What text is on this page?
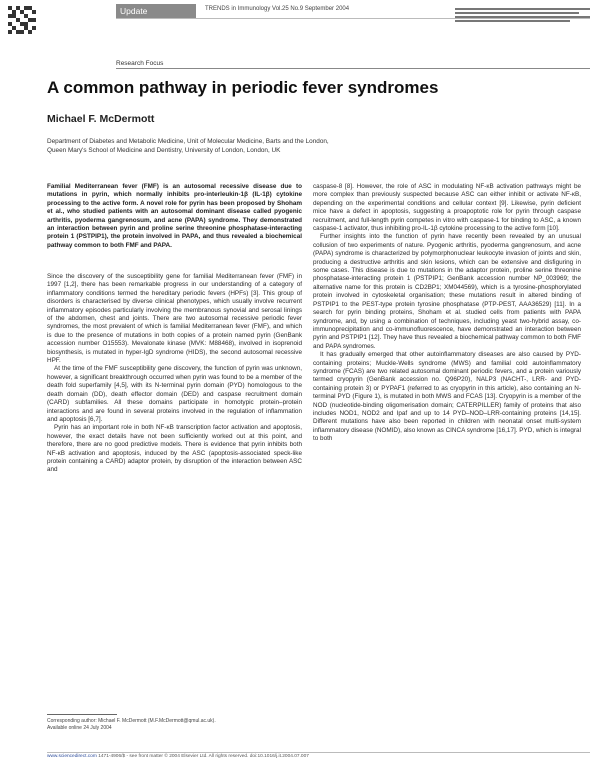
Update	TRENDS in Immunology Vol.25 No.9 September 2004
Research Focus
A common pathway in periodic fever syndromes
Michael F. McDermott
Department of Diabetes and Metabolic Medicine, Unit of Molecular Medicine, Barts and the London,
Queen Mary's School of Medicine and Dentistry, University of London, London, UK
Familial Mediterranean fever (FMF) is an autosomal recessive disease due to mutations in pyrin, which normally inhibits pro-interleukin-1β (IL-1β) cytokine processing to the active form. A novel role for pyrin has been proposed by Shoham et al., who studied patients with an autosomal dominant disease called pyogenic arthritis, pyoderma gangrenosum, and acne (PAPA) syndrome. They demonstrated an interaction between pyrin and proline serine threonine phosphatase-interacting protein 1 (PSTPIP1), the protein involved in PAPA, and thus revealed a biochemical pathway common to both FMF and PAPA.

Since the discovery of the susceptibility gene for familial Mediterranean fever (FMF) in 1997 [1,2], there has been remarkable progress in our understanding of a category of inflammatory conditions termed the hereditary periodic fevers (HPFs) [3]. This group of disorders is characterised by diverse clinical phenotypes, which usually involve recurrent inflammatory episodes particularly involving the membranous synovial and serosal linings of the abdomen, chest and joints. There are two autosomal recessive periodic fever syndromes, the most prevalent of which is familial Mediterranean fever (FMF), and which is due to the presence of mutations in both copies of a protein named pyrin (GenBank accession number O15553). Mevalonate kinase (MVK: M88468), involved in isoprenoid biosynthesis, is mutated in hyper-IgD syndrome (HIDS), the second autosomal recessive HPF.

At the time of the FMF susceptibility gene discovery, the function of pyrin was unknown, however, a significant breakthrough occurred when pyrin was found to be a member of the death fold superfamily [4,5], with its N-terminal pyrin domain (PYD) homologous to the death domain (DD), death effector domain (DED) and caspase recruitment domain (CARD) subfamilies. All these domains participate in homotypic protein–protein interactions and are found in several proteins involved in the regulation of inflammation and apoptosis [6,7].

Pyrin has an important role in both NF-κB transcription factor activation and apoptosis, however, the exact details have not been sufficiently worked out at this point, and therefore, there are no good predictive models. There is evidence that pyrin inhibits both NF-κB activation and apoptosis, induced by the ASC (apoptosis-associated speck-like protein containing a CARD) adaptor protein, by disruption of the interaction between ASC and

caspase-8 [8]. However, the role of ASC in modulating NF-κB activation pathways might be more complex than previously suspected because ASC can either inhibit or activate NF-κB, depending on the experimental conditions and cellular context [9]. Likewise, pyrin deficient mice have a defect in apoptosis, suggesting a proapoptotic role for pyrin through caspase recruitment, and full-length pyrin competes in vitro with caspase-1 for binding to ASC, a known caspase-1 activator, thus inhibiting pro-IL-1β cytokine processing to the active form [10].

Further insights into the function of pyrin have recently been revealed by an unusual collusion of two experiments of nature. Pyogenic arthritis, pyoderma gangrenosum, and acne (PAPA) syndrome is characterized by polymorphonuclear leukocyte invasion of joints and skin, producing a destructive arthritis and skin lesions, which can be extensive and disfiguring in some cases. This disease is due to mutations in the adaptor protein, proline serine threonine phosphatase-interacting protein 1 (PSTPIP1; GenBank accession number NP_003969; the alternative name for this protein is CD2BP1; XM044569), which is a tyrosine-phosphorylated protein involved in cytoskeletal organisation; these mutations result in altered binding of PSTPIP1 to the PEST-type protein tyrosine phosphatase (PTP-PEST, AAA36529) [11]. In a search for pyrin binding proteins, Shoham et al. studied cells from patients with PAPA syndrome, and, by using a combination of techniques, including yeast two-hybrid assay, co-immunoprecipitation and co-immunofluorescence, have demonstrated an interaction between pyrin and PSTPIP1 [12]. They have thus revealed a biochemical pathway common to both FMF and PAPA syndromes.

It has gradually emerged that other autoinflammatory diseases are also caused by PYD-containing proteins; Muckle-Wells syndrome (MWS) and familial cold autoinflammatory syndrome (FCAS) are two related autosomal dominant periodic fevers, and a protein variously termed cryopyrin (GenBank accession no. Q96P20), NALP3 (NACHT-, LRR- and PYD-containing protein 3) or PYPAF1 (referred to as cryopyrin in this article), also containing an N-terminal PYD (Figure 1), is mutated in both MWS and FCAS [13]. Cryopyrin is a member of the NOD (nucleotide-binding oligomerisation domain; CATERPILLER) family of proteins that also includes NOD1, NOD2 and Ipaf and up to 14 PYD–NOD–LRR-containing proteins [14,15]. Different mutations have also been reported in children with neonatal onset multi-system inflammatory disease (NOMID), also known as CINCA syndrome [16,17]. PYD, which is integral to both

Corresponding author: Michael F. McDermott (M.F.McDermott@qmul.ac.uk).
Available online 24 July 2004
www.sciencedirect.com 1471-4906/$ - see front matter © 2004 Elsevier Ltd. All rights reserved. doi:10.1016/j.it.2004.07.007
